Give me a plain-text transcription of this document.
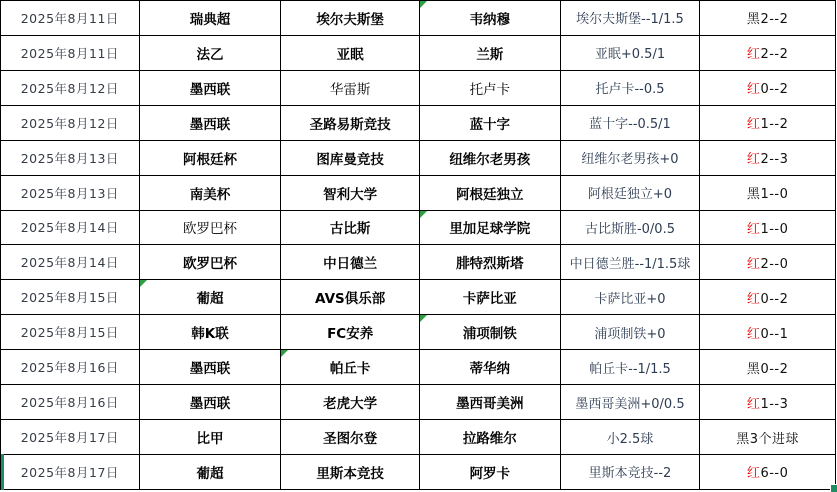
2025年8月11日	瑞典超	埃尔夫斯堡	韦纳穆	埃尔夫斯堡--1/1.5	黑2--2
2025年8月11日	法乙	亚眠	兰斯	亚眠+0.5/1	红2--2
2025年8月12日	墨西联	华雷斯	托卢卡	托卢卡--0.5	红0--2
2025年8月12日	墨西联	圣路易斯竞技	蓝十字	蓝十字--0.5/1	红1--2
2025年8月13日	阿根廷杯	图库曼竞技	纽维尔老男孩	纽维尔老男孩+0	红2--3
2025年8月13日	南美杯	智利大学	阿根廷独立	阿根廷独立+0	黑1--0
2025年8月14日	欧罗巴杯	古比斯	里加足球学院	古比斯胜-0/0.5	红1--0
2025年8月14日	欧罗巴杯	中日德兰	腓特烈斯塔	中日德兰胜--1/1.5球	红2--0
2025年8月15日	葡超	AVS俱乐部	卡萨比亚	卡萨比亚+0	红0--2
2025年8月15日	韩K联	FC安养	浦项制铁	浦项制铁+0	红0--1
2025年8月16日	墨西联	帕丘卡	蒂华纳	帕丘卡--1/1.5	黑0--2
2025年8月16日	墨西联	老虎大学	墨西哥美洲	墨西哥美洲+0/0.5	红1--3
2025年8月17日	比甲	圣图尔登	拉路维尔	小2.5球	黑3个进球
2025年8月17日	葡超	里斯本竞技	阿罗卡	里斯本竞技--2	红6--0
